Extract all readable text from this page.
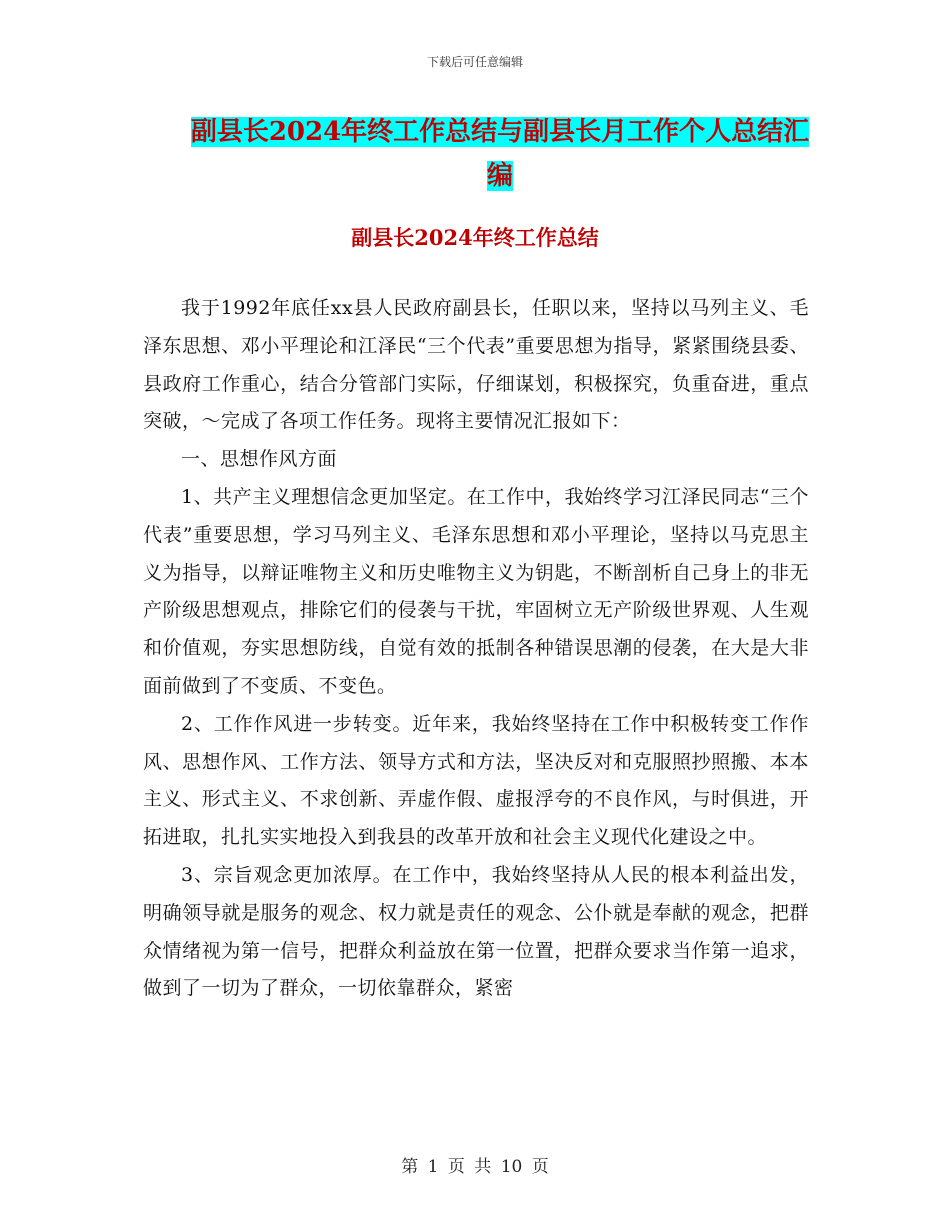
下载后可任意编辑
副县长2024年终工作总结与副县长月工作个人总结汇
编
副县长2024年终工作总结

我于1992年底任xx县人民政府副县长，任职以来，坚持以马列主义、毛泽东思想、邓小平理论和江泽民“三个代表”重要思想为指导，紧紧围绕县委、县政府工作重心，结合分管部门实际，仔细谋划，积极探究，负重奋进，重点突破，～完成了各项工作任务。现将主要情况汇报如下：

一、思想作风方面

1、共产主义理想信念更加坚定。在工作中，我始终学习江泽民同志“三个代表”重要思想，学习马列主义、毛泽东思想和邓小平理论，坚持以马克思主义为指导，以辩证唯物主义和历史唯物主义为钥匙，不断剖析自己身上的非无产阶级思想观点，排除它们的侵袭与干扰，牢固树立无产阶级世界观、人生观和价值观，夯实思想防线，自觉有效的抵制各种错误思潮的侵袭，在大是大非面前做到了不变质、不变色。

2、工作作风进一步转变。近年来，我始终坚持在工作中积极转变工作作风、思想作风、工作方法、领导方式和方法，坚决反对和克服照抄照搬、本本主义、形式主义、不求创新、弄虚作假、虚报浮夸的不良作风，与时俱进，开拓进取，扎扎实实地投入到我县的改革开放和社会主义现代化建设之中。

3、宗旨观念更加浓厚。在工作中，我始终坚持从人民的根本利益出发，明确领导就是服务的观念、权力就是责任的观念、公仆就是奉献的观念，把群众情绪视为第一信号，把群众利益放在第一位置，把群众要求当作第一追求，做到了一切为了群众，一切依靠群众，紧密

第 1 页 共 10 页
